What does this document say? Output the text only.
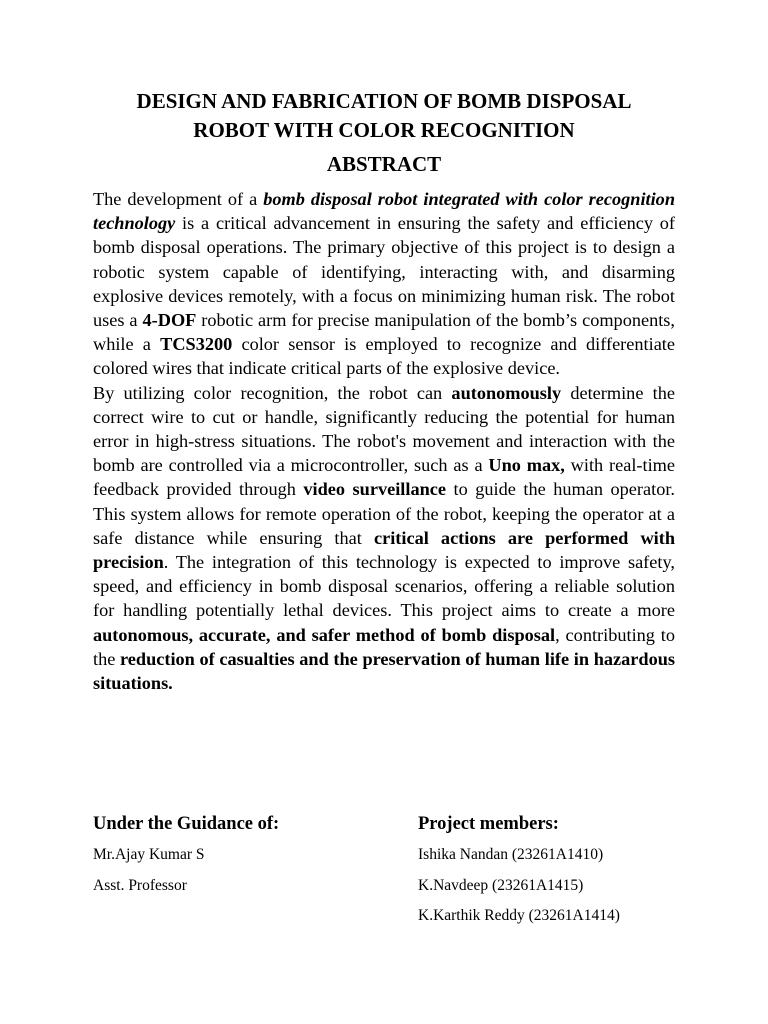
DESIGN AND FABRICATION OF BOMB DISPOSAL
ROBOT WITH COLOR RECOGNITION
ABSTRACT

The development of a bomb disposal robot integrated with color recognition technology is a critical advancement in ensuring the safety and efficiency of bomb disposal operations. The primary objective of this project is to design a robotic system capable of identifying, interacting with, and disarming explosive devices remotely, with a focus on minimizing human risk. The robot uses a 4-DOF robotic arm for precise manipulation of the bomb’s components, while a TCS3200 color sensor is employed to recognize and differentiate colored wires that indicate critical parts of the explosive device.

By utilizing color recognition, the robot can autonomously determine the correct wire to cut or handle, significantly reducing the potential for human error in high-stress situations. The robot's movement and interaction with the bomb are controlled via a microcontroller, such as a Uno max, with real-time feedback provided through video surveillance to guide the human operator. This system allows for remote operation of the robot, keeping the operator at a safe distance while ensuring that critical actions are performed with precision. The integration of this technology is expected to improve safety, speed, and efficiency in bomb disposal scenarios, offering a reliable solution for handling potentially lethal devices. This project aims to create a more autonomous, accurate, and safer method of bomb disposal, contributing to the reduction of casualties and the preservation of human life in hazardous situations.

Under the Guidance of:
Mr.Ajay Kumar S
Asst. Professor
Project members:
Ishika Nandan (23261A1410)
K.Navdeep (23261A1415)
K.Karthik Reddy (23261A1414)
